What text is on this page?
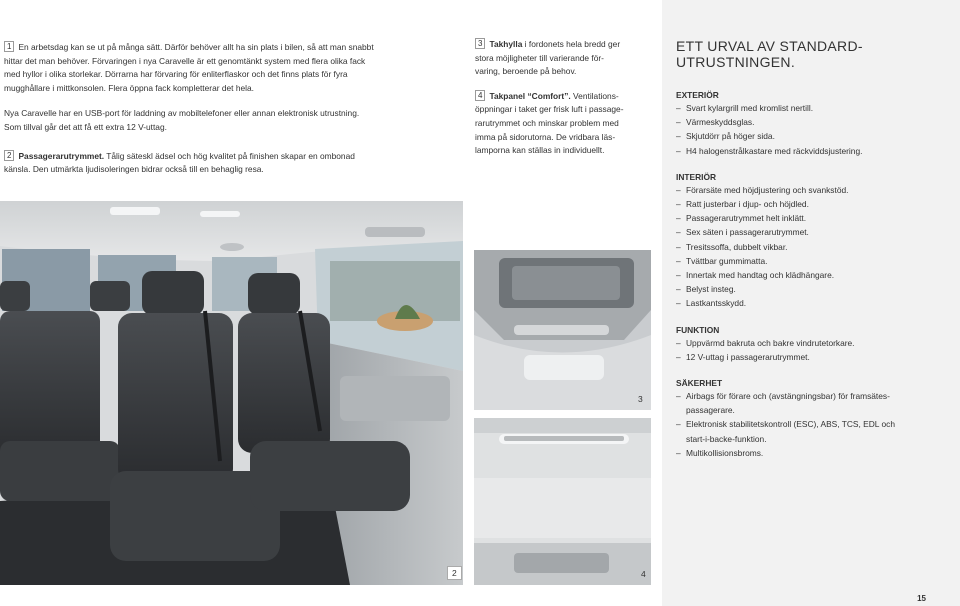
1 En arbetsdag kan se ut på många sätt. Därför behöver allt ha sin plats i bilen, så att man snabbt
hittar det man behöver. Förvaringen i nya Caravelle är ett genomtänkt system med flera olika fack
med hyllor i olika storlekar. Dörrarna har förvaring för enliterflaskor och det finns plats för fyra
mugghållare i mittkonsolen. Flera öppna fack kompletterar det hela.

Nya Caravelle har en USB-port för laddning av mobiltelefoner eller annan elektronisk utrustning.
Som tillval går det att få ett extra 12 V-uttag.

2 Passagerarutrymmet. Tålig säteskl ädsel och hög kvalitet på finishen skapar en ombonad
känsla. Den utmärkta ljudisoleringen bidrar också till en behaglig resa.

3 Takhylla i fordonets hela bredd ger
stora möjligheter till varierande för-
varing, beroende på behov.

4 Takpanel “Comfort”. Ventilations-
öppningar i taket ger frisk luft i passage-
rarutrymmet och minskar problem med
imma på sidorutorna. De vridbara läs-
lamporna kan ställas in individuellt.

2
3
4

ETT URVAL AV STANDARD-
UTRUSTNINGEN.

EXTERIÖR

– Svart kylargrill med kromlist nertill.
– Värmeskyddsglas.
– Skjutdörr på höger sida.
– H4 halogenstrålkastare med räckviddsjustering.

INTERIÖR

– Förarsäte med höjdjustering och svankstöd.
– Ratt justerbar i djup- och höjdled.
– Passagerarutrymmet helt inklätt.
– Sex säten i passagerarutrymmet.
– Tresitssoffa, dubbelt vikbar.
– Tvättbar gummimatta.
– Innertak med handtag och klädhängare.
– Belyst insteg.
– Lastkantsskydd.

FUNKTION

– Uppvärmd bakruta och bakre vindrutetorkare.
– 12 V-uttag i passagerarutrymmet.

SÄKERHET

– Airbags för förare och (avstängningsbar) för framsätes-  passagerare.
– Elektronisk stabilitetskontroll (ESC), ABS, TCS, EDL och start-i-backe-funktion.
– Multikollisionsbroms.
15
